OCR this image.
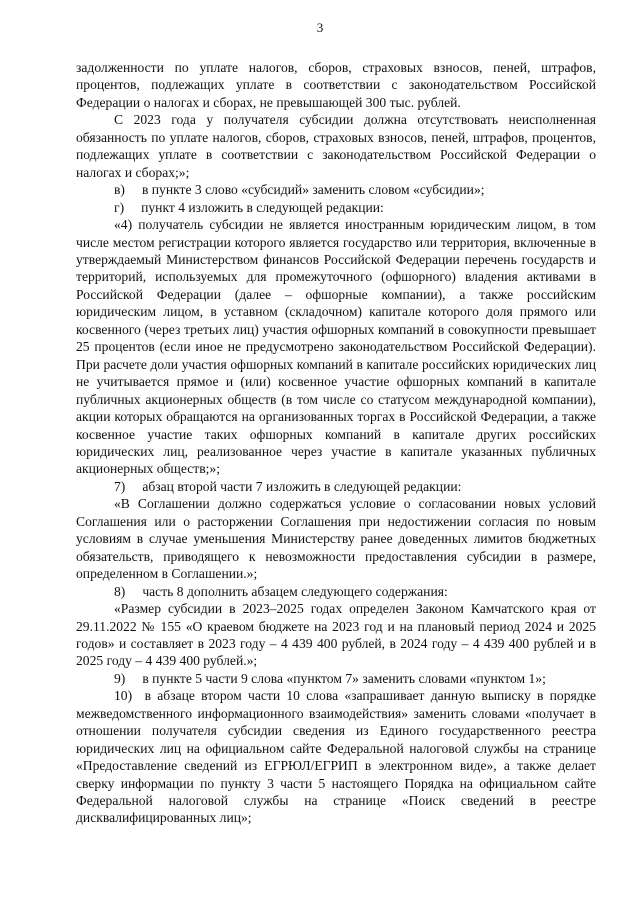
3

задолженности по уплате налогов, сборов, страховых взносов, пеней, штрафов, процентов, подлежащих уплате в соответствии с законодательством Российской Федерации о налогах и сборах, не превышающей 300 тыс. рублей.

С 2023 года у получателя субсидии должна отсутствовать неисполненная обязанность по уплате налогов, сборов, страховых взносов, пеней, штрафов, процентов, подлежащих уплате в соответствии с законодательством Российской Федерации о налогах и сборах;»;

в)     в пункте 3 слово «субсидий» заменить словом «субсидии»;

г)     пункт 4 изложить в следующей редакции:

«4) получатель субсидии не является иностранным юридическим лицом, в том числе местом регистрации которого является государство или территория, включенные в утверждаемый Министерством финансов Российской Федерации перечень государств и территорий, используемых для промежуточного (офшорного) владения активами в Российской Федерации (далее – офшорные компании), а также российским юридическим лицом, в уставном (складочном) капитале которого доля прямого или косвенного (через третьих лиц) участия офшорных компаний в совокупности превышает 25 процентов (если иное не предусмотрено законодательством Российской Федерации). При расчете доли участия офшорных компаний в капитале российских юридических лиц не учитывается прямое и (или) косвенное участие офшорных компаний в капитале публичных акционерных обществ (в том числе со статусом международной компании), акции которых обращаются на организованных торгах в Российской Федерации, а также косвенное участие таких офшорных компаний в капитале других российских юридических лиц, реализованное через участие в капитале указанных публичных акционерных обществ;»;

7)     абзац второй части 7 изложить в следующей редакции:

«В Соглашении должно содержаться условие о согласовании новых условий Соглашения или о расторжении Соглашения при недостижении согласия по новым условиям в случае уменьшения Министерству ранее доведенных лимитов бюджетных обязательств, приводящего к невозможности предоставления субсидии в размере, определенном в Соглашении.»;

8)     часть 8 дополнить абзацем следующего содержания:

«Размер субсидии в 2023–2025 годах определен Законом Камчатского края от 29.11.2022 № 155 «О краевом бюджете на 2023 год и на плановый период 2024 и 2025 годов» и составляет в 2023 году – 4 439 400 рублей, в 2024 году – 4 439 400 рублей и в 2025 году – 4 439 400 рублей.»;

9)     в пункте 5 части 9 слова «пунктом 7» заменить словами «пунктом 1»;

10)  в абзаце втором части 10 слова «запрашивает данную выписку в порядке межведомственного информационного взаимодействия» заменить словами «получает в отношении получателя субсидии сведения из Единого государственного реестра юридических лиц на официальном сайте Федеральной налоговой службы на странице «Предоставление сведений из ЕГРЮЛ/ЕГРИП в электронном виде», а также делает сверку информации по пункту 3 части 5 настоящего Порядка на официальном сайте Федеральной налоговой службы на странице «Поиск сведений в реестре дисквалифицированных лиц»;
